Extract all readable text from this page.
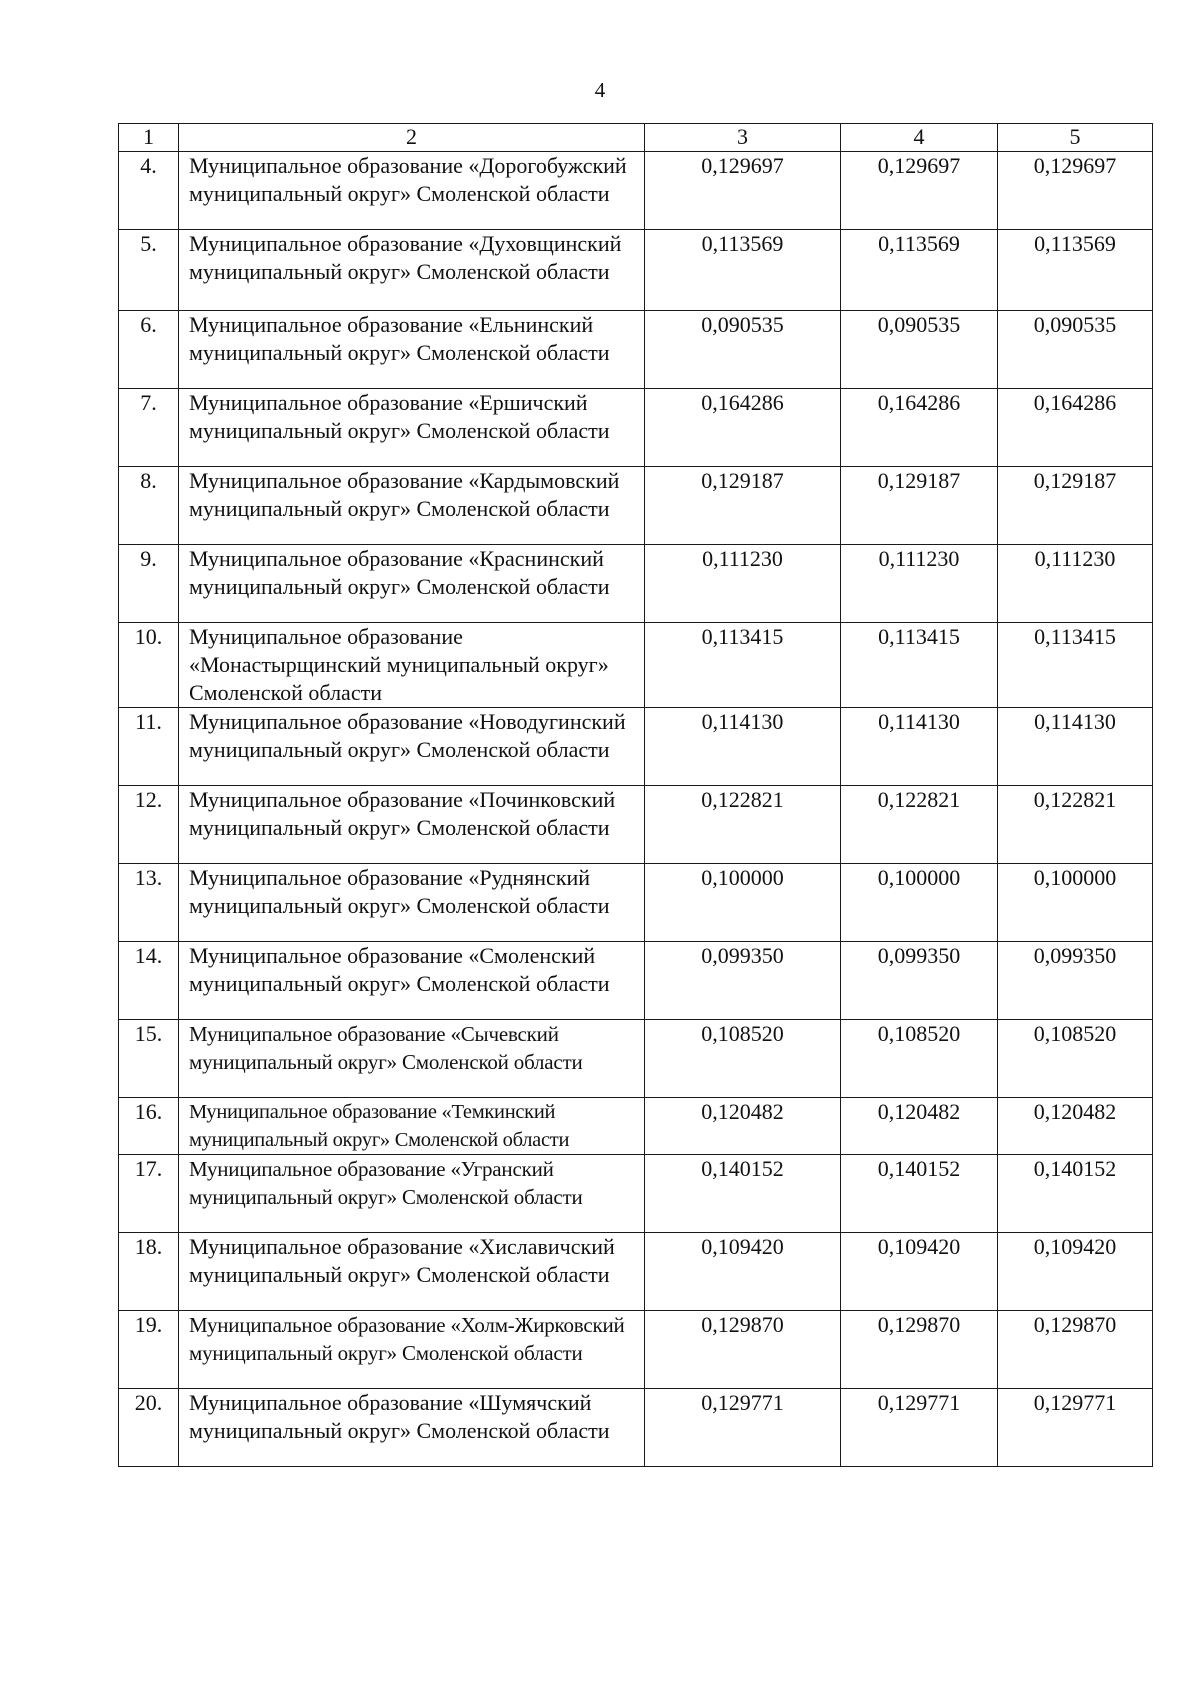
4
1	2	3	4	5
4.	Муниципальное образование «Дорогобужский муниципальный округ» Смоленской области	0,129697	0,129697	0,129697
5.	Муниципальное образование «Духовщинский муниципальный округ» Смоленской области	0,113569	0,113569	0,113569
6.	Муниципальное образование «Ельнинский муниципальный округ» Смоленской области	0,090535	0,090535	0,090535
7.	Муниципальное образование «Ершичский муниципальный округ» Смоленской области	0,164286	0,164286	0,164286
8.	Муниципальное образование «Кардымовский муниципальный округ» Смоленской области	0,129187	0,129187	0,129187
9.	Муниципальное образование «Краснинский муниципальный округ» Смоленской области	0,111230	0,111230	0,111230
10.	Муниципальное образование «Монастырщинский муниципальный округ» Смоленской области	0,113415	0,113415	0,113415
11.	Муниципальное образование «Новодугинский муниципальный округ» Смоленской области	0,114130	0,114130	0,114130
12.	Муниципальное образование «Починковский муниципальный округ» Смоленской области	0,122821	0,122821	0,122821
13.	Муниципальное образование «Руднянский муниципальный округ» Смоленской области	0,100000	0,100000	0,100000
14.	Муниципальное образование «Смоленский муниципальный округ» Смоленской области	0,099350	0,099350	0,099350
15.	Муниципальное образование «Сычевский муниципальный округ» Смоленской области	0,108520	0,108520	0,108520
16.	Муниципальное образование «Темкинский муниципальный округ» Смоленской области	0,120482	0,120482	0,120482
17.	Муниципальное образование «Угранский муниципальный округ» Смоленской области	0,140152	0,140152	0,140152
18.	Муниципальное образование «Хиславичский муниципальный округ» Смоленской области	0,109420	0,109420	0,109420
19.	Муниципальное образование «Холм-Жирковский муниципальный округ» Смоленской области	0,129870	0,129870	0,129870
20.	Муниципальное образование «Шумячский муниципальный округ» Смоленской области	0,129771	0,129771	0,129771
